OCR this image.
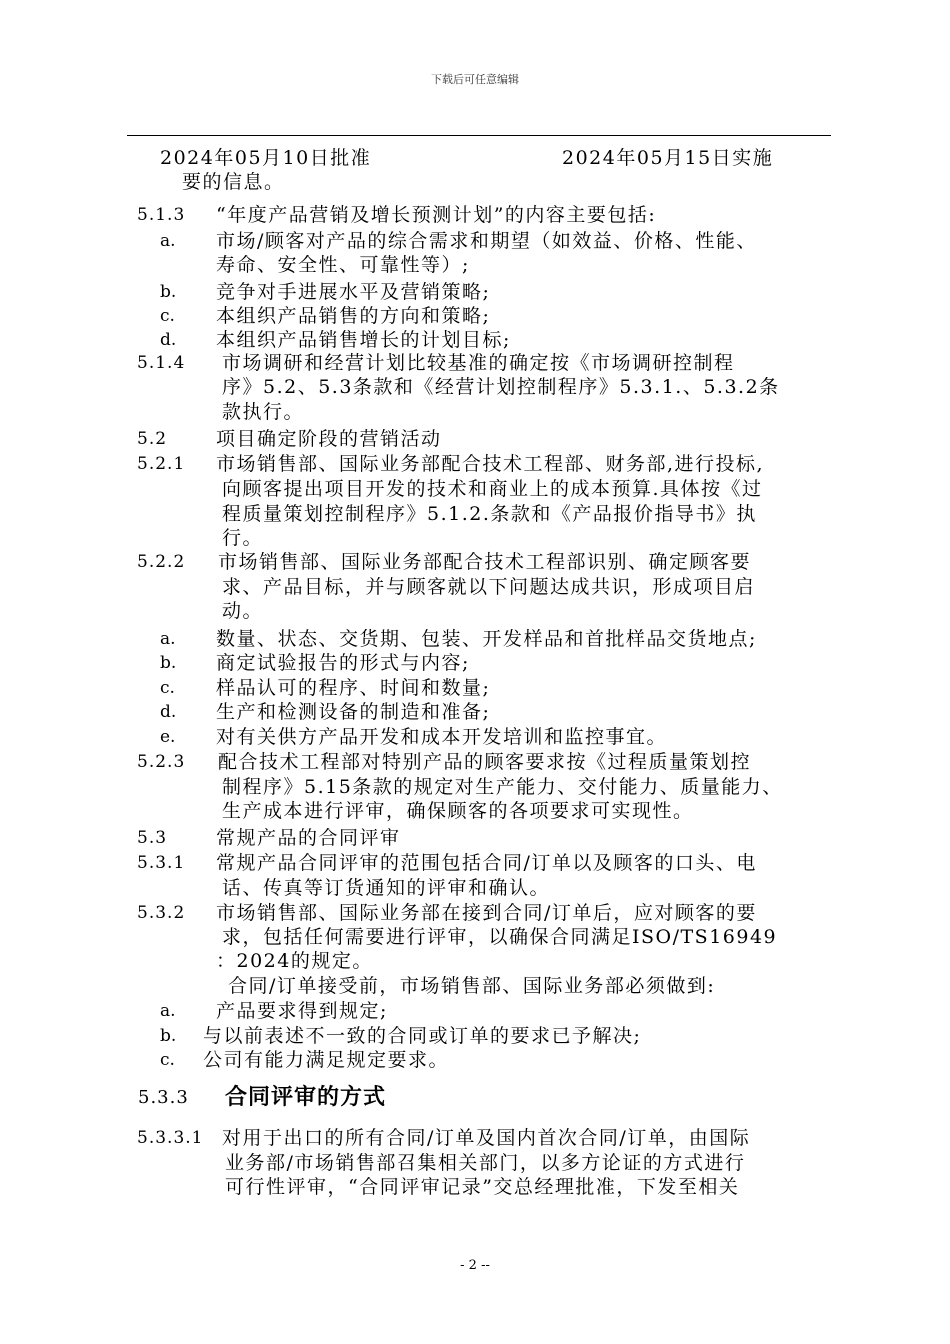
下载后可任意编辑
2024年05月10日批准	2024年05月15日实施
要的信息。
5.1.3 “年度产品营销及增长预测计划”的内容主要包括:
a. 市场/顾客对产品的综合需求和期望（如效益、价格、性能、
寿命、安全性、可靠性等）;
b. 竞争对手进展水平及营销策略;
c. 本组织产品销售的方向和策略;
d. 本组织产品销售增长的计划目标;
5.1.4 市场调研和经营计划比较基准的确定按《市场调研控制程
序》5.2、5.3条款和《经营计划控制程序》5.3.1.、5.3.2条
款执行。
5.2	项目确定阶段的营销活动
5.2.1 市场销售部、国际业务部配合技术工程部、财务部,进行投标,
向顾客提出项目开发的技术和商业上的成本预算.具体按《过
程质量策划控制程序》5.1.2.条款和《产品报价指导书》执
行。
5.2.2 市场销售部、国际业务部配合技术工程部识别、确定顾客要
求、产品目标，并与顾客就以下问题达成共识，形成项目启
动。
a. 数量、状态、交货期、包装、开发样品和首批样品交货地点;
b. 商定试验报告的形式与内容;
c. 样品认可的程序、时间和数量;
d. 生产和检测设备的制造和准备;
e. 对有关供方产品开发和成本开发培训和监控事宜。
5.2.3 配合技术工程部对特别产品的顾客要求按《过程质量策划控
制程序》5.15条款的规定对生产能力、交付能力、质量能力、
生产成本进行评审，确保顾客的各项要求可实现性。
5.3	常规产品的合同评审
5.3.1 常规产品合同评审的范围包括合同/订单以及顾客的口头、电
话、传真等订货通知的评审和确认。
5.3.2 市场销售部、国际业务部在接到合同/订单后，应对顾客的要
求，包括任何需要进行评审，以确保合同满足ISO/TS16949
：2024的规定。
合同/订单接受前，市场销售部、国际业务部必须做到:
a. 产品要求得到规定;
b. 与以前表述不一致的合同或订单的要求已予解决;
c. 公司有能力满足规定要求。
5.3.3 合同评审的方式
5.3.3.1 对用于出口的所有合同/订单及国内首次合同/订单，由国际
业务部/市场销售部召集相关部门，以多方论证的方式进行
可行性评审，“合同评审记录”交总经理批准，下发至相关
- 2 --
